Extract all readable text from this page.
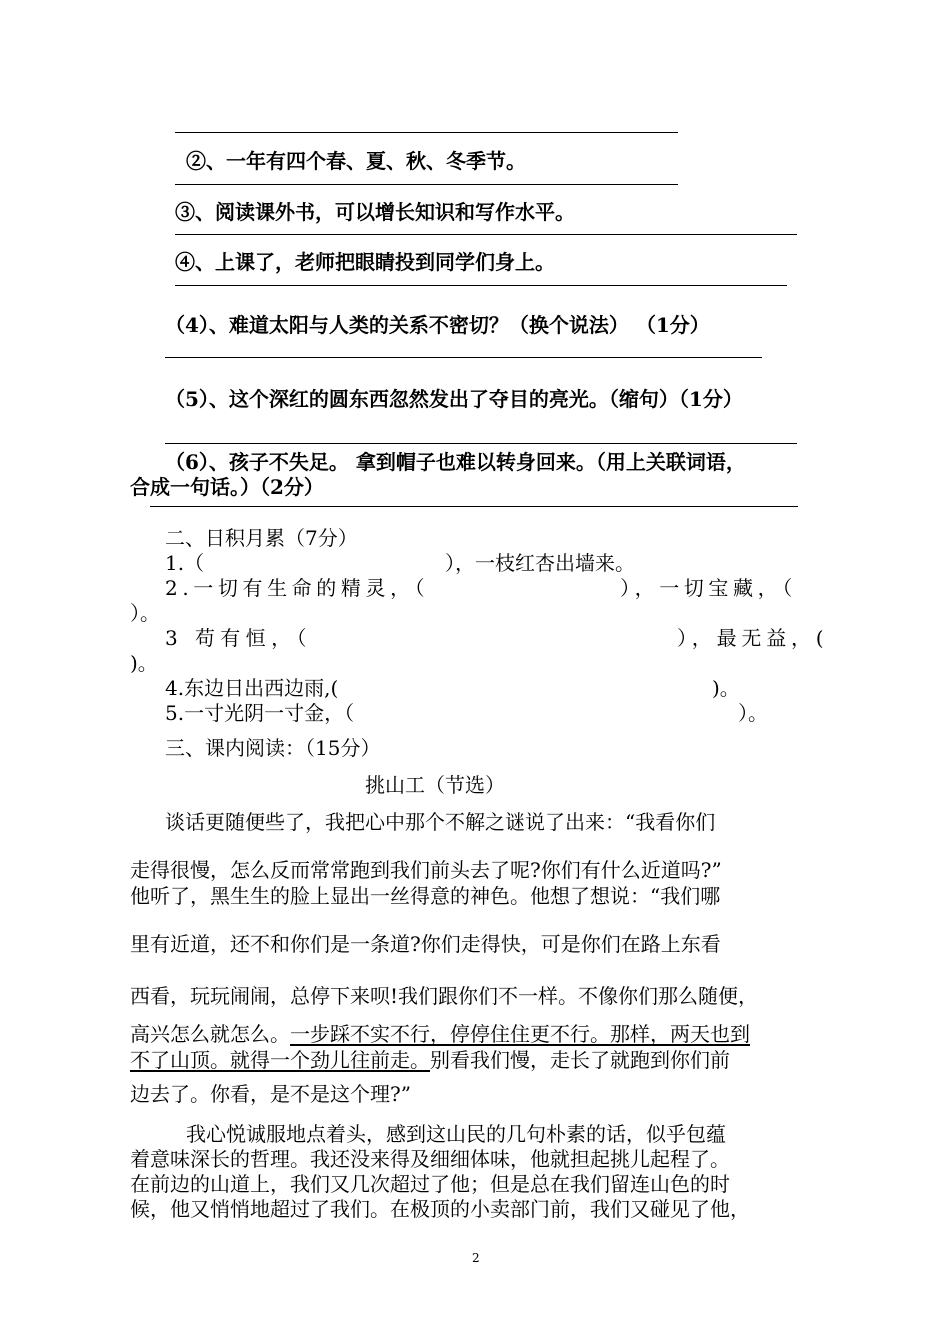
②、一年有四个春、夏、秋、冬季节。
③、阅读课外书，可以增长知识和写作水平。
④、上课了，老师把眼睛投到同学们身上。
（4）、难道太阳与人类的关系不密切？（换个说法） （1分）
（5）、这个深红的圆东西忽然发出了夺目的亮光。（缩句）（1分）
（6）、孩子不失足。 拿到帽子也难以转身回来。（用上关联词语，
合成一句话。）（2分）
二、日积月累（7分）
1.（	），一枝红杏出墙来。
2.一切有生命的精灵，（	），一切宝藏，（
）。
3 苟有恒，（	），最无益，(
)。
4.东边日出西边雨,(	)。
5.一寸光阴一寸金，（	）。
三、课内阅读：（15分）
挑山工（节选）
谈话更随便些了，我把心中那个不解之谜说了出来：“我看你们
走得很慢，怎么反而常常跑到我们前头去了呢?你们有什么近道吗?”
他听了，黑生生的脸上显出一丝得意的神色。他想了想说：“我们哪
里有近道，还不和你们是一条道?你们走得快，可是你们在路上东看
西看，玩玩闹闹，总停下来呗!我们跟你们不一样。不像你们那么随便，
高兴怎么就怎么。一步踩不实不行，停停住住更不行。那样，两天也到
不了山顶。就得一个劲儿往前走。别看我们慢，走长了就跑到你们前
边去了。你看，是不是这个理?”
我心悦诚服地点着头，感到这山民的几句朴素的话，似乎包蕴
着意味深长的哲理。我还没来得及细细体味，他就担起挑儿起程了。
在前边的山道上，我们又几次超过了他；但是总在我们留连山色的时
候，他又悄悄地超过了我们。在极顶的小卖部门前，我们又碰见了他，
2
